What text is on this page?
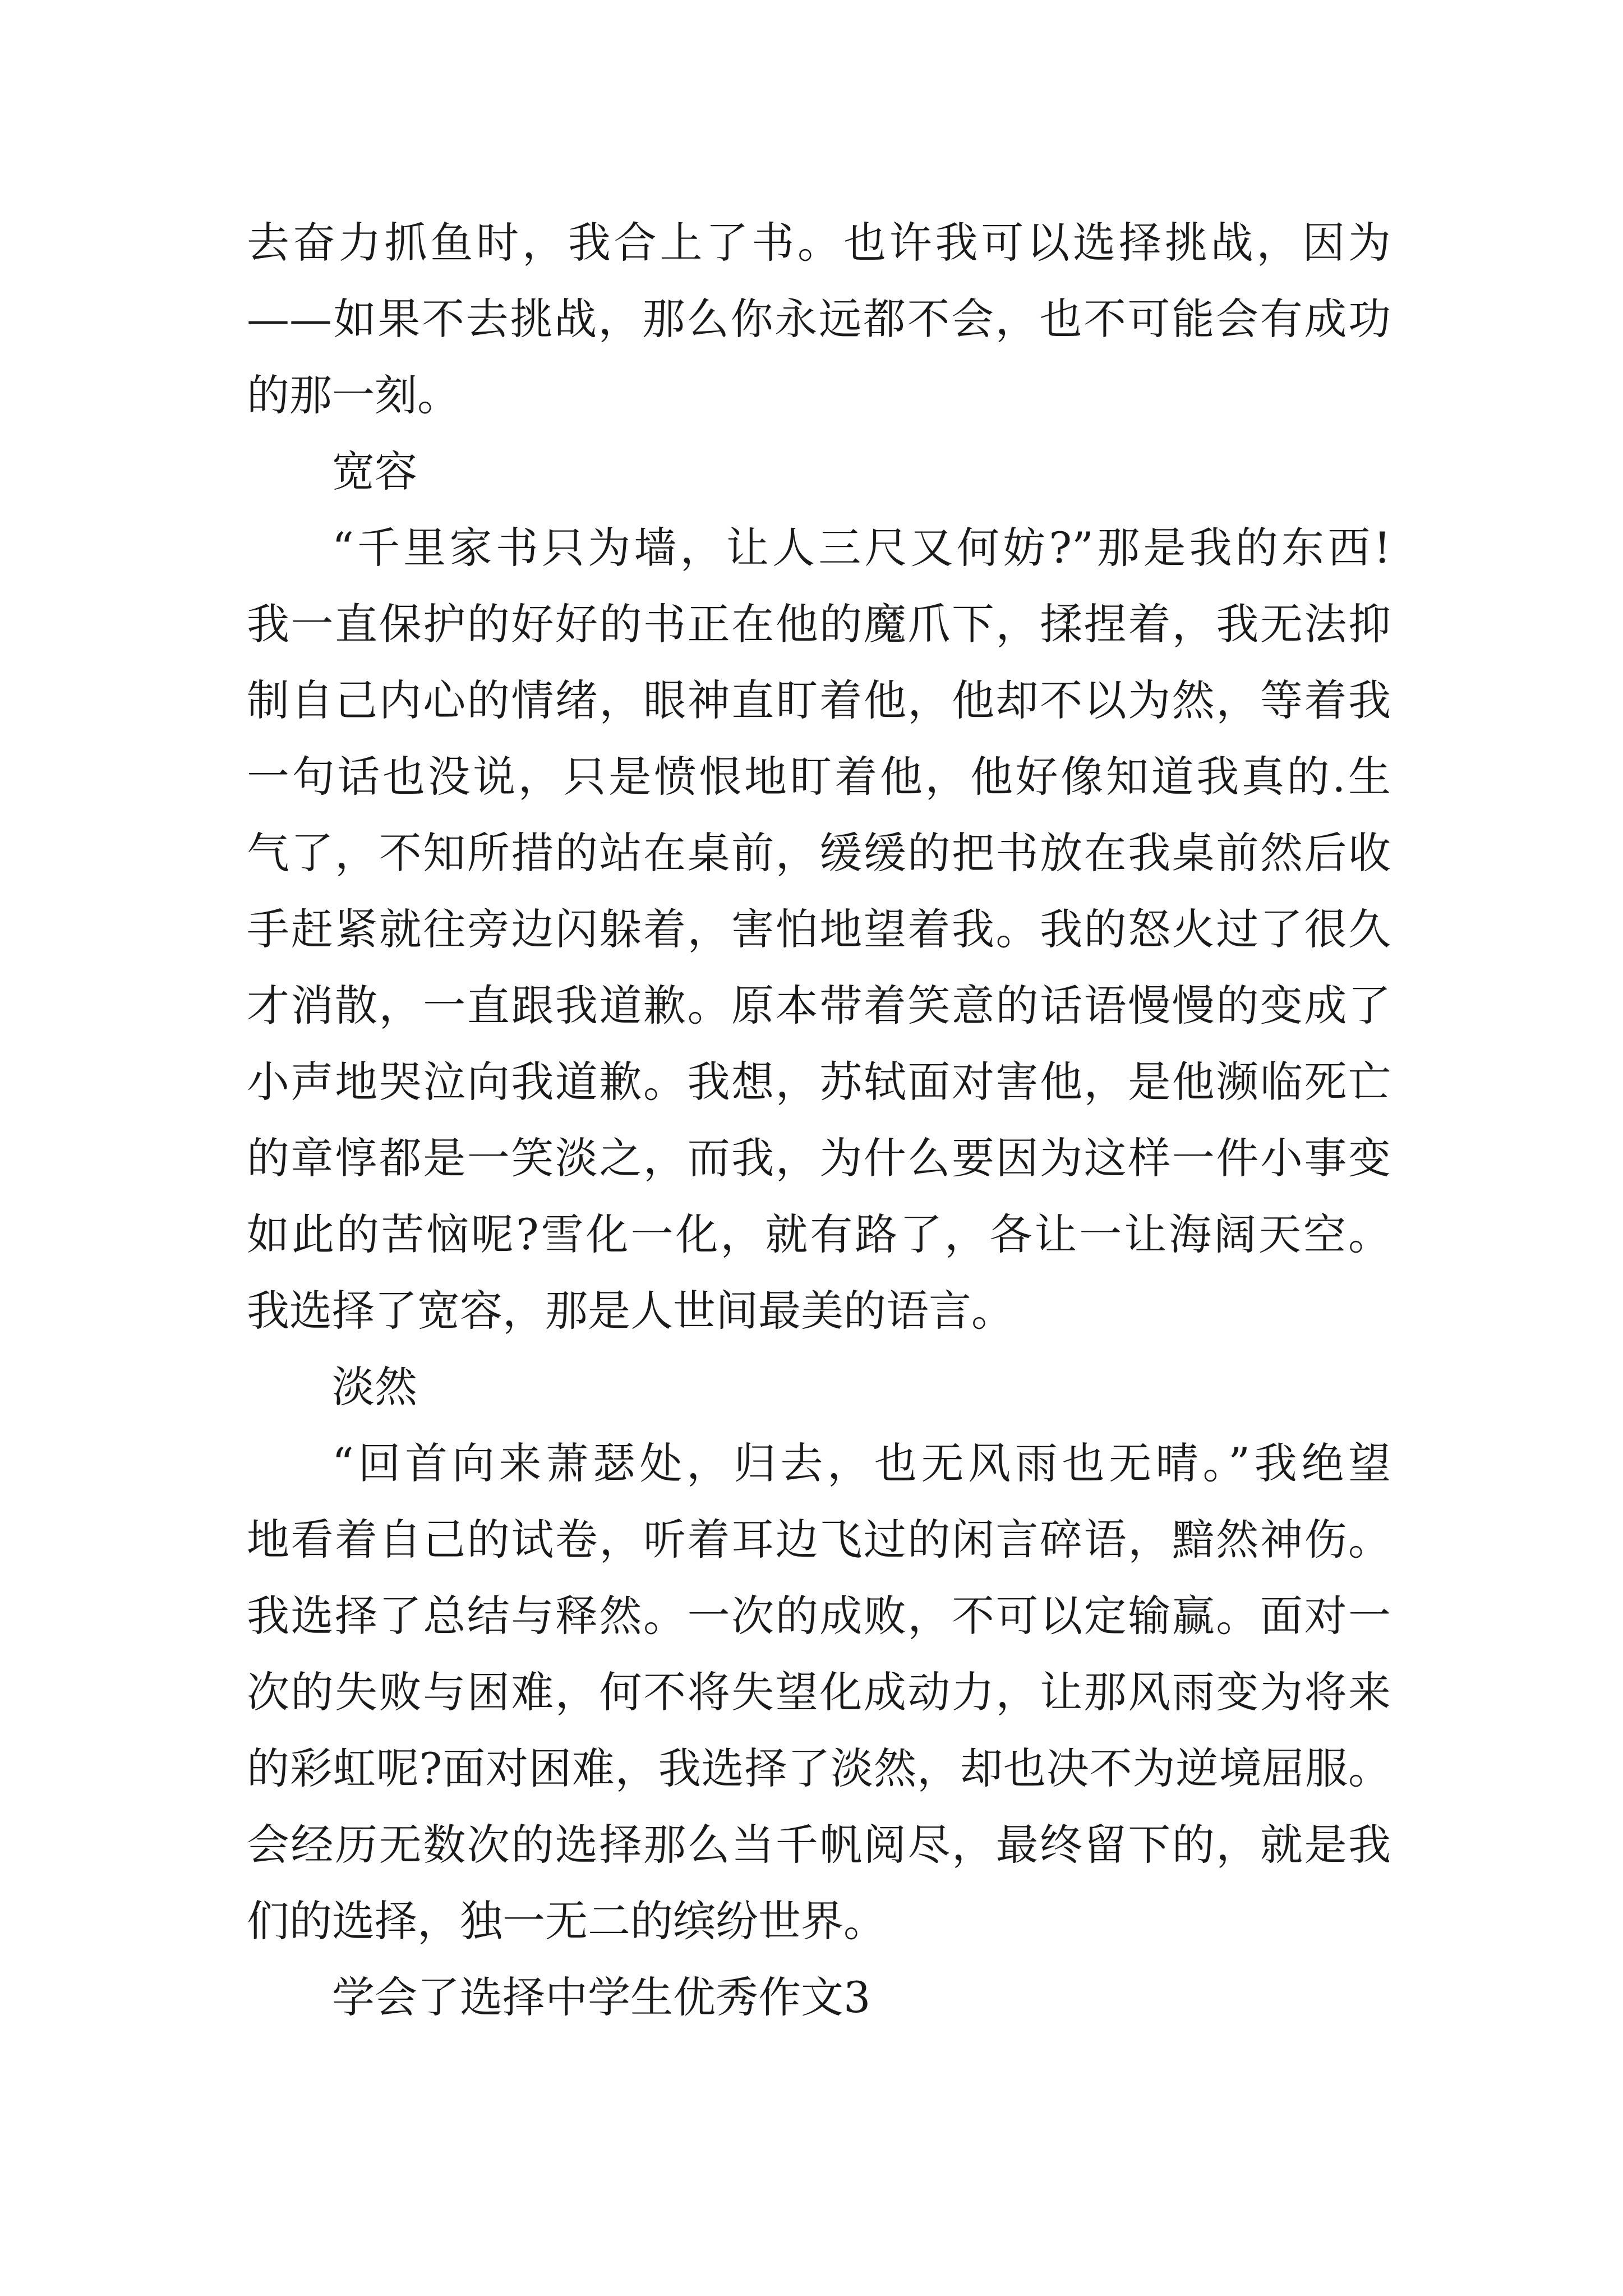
去奋力抓鱼时，我合上了书。也许我可以选择挑战，因为
——如果不去挑战，那么你永远都不会，也不可能会有成功
的那一刻。
宽容
“千里家书只为墙，让人三尺又何妨?”那是我的东西!
我一直保护的好好的书正在他的魔爪下，揉捏着，我无法抑
制自己内心的情绪，眼神直盯着他，他却不以为然，等着我
一句话也没说，只是愤恨地盯着他，他好像知道我真的.生
气了，不知所措的站在桌前，缓缓的把书放在我桌前然后收
手赶紧就往旁边闪躲着，害怕地望着我。我的怒火过了很久
才消散，一直跟我道歉。原本带着笑意的话语慢慢的变成了
小声地哭泣向我道歉。我想，苏轼面对害他，是他濒临死亡
的章惇都是一笑淡之，而我，为什么要因为这样一件小事变
如此的苦恼呢?雪化一化，就有路了，各让一让海阔天空。
我选择了宽容，那是人世间最美的语言。
淡然
“回首向来萧瑟处，归去，也无风雨也无晴。”我绝望
地看着自己的试卷，听着耳边飞过的闲言碎语，黯然神伤。
我选择了总结与释然。一次的成败，不可以定输赢。面对一
次的失败与困难，何不将失望化成动力，让那风雨变为将来
的彩虹呢?面对困难，我选择了淡然，却也决不为逆境屈服。
会经历无数次的选择那么当千帆阅尽，最终留下的，就是我
们的选择，独一无二的缤纷世界。
学会了选择中学生优秀作文3
